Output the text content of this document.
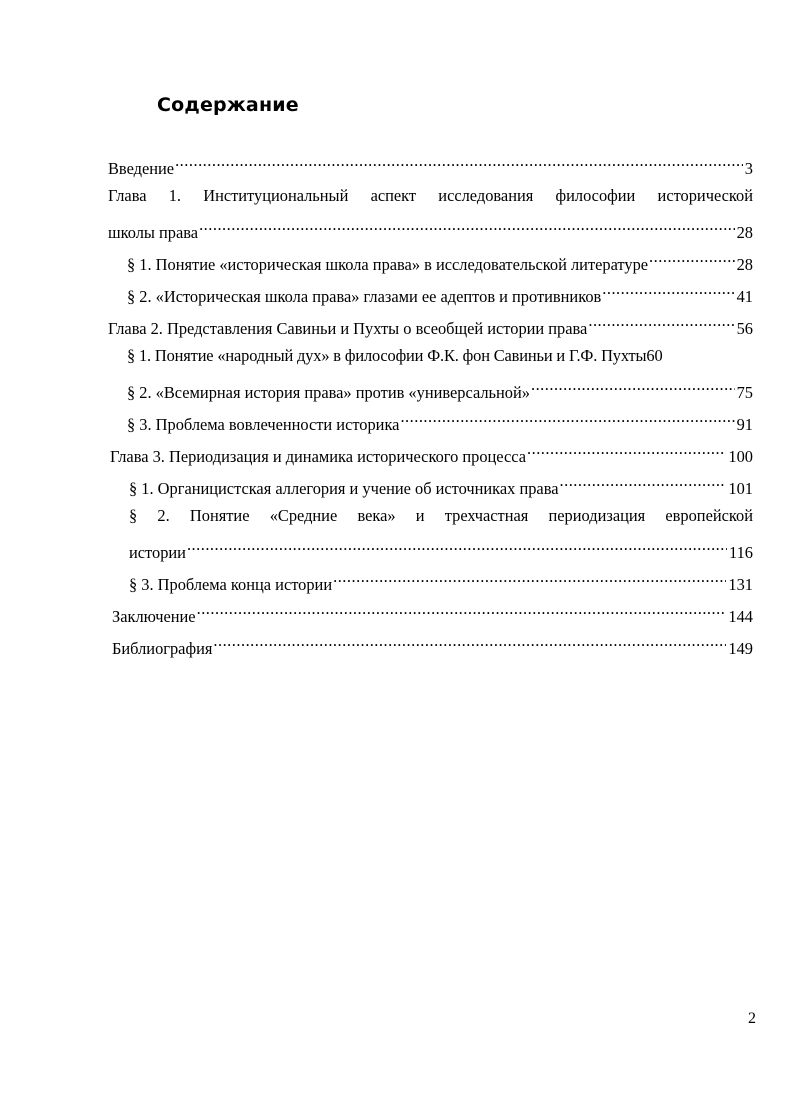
Содержание
Введение .....	3
Глава 1. Институциональный аспект исследования философии исторической
школы права .....	28
§ 1. Понятие «историческая школа права» в исследовательской литературе .....	28
§ 2. «Историческая школа права» глазами ее адептов и противников .....	41
Глава 2. Представления Савиньи и Пухты о всеобщей истории права .....	56
§ 1. Понятие «народный дух» в философии Ф.К. фон Савиньи и Г.Ф. Пухты 60
§ 2. «Всемирная история права» против «универсальной» .....	75
§ 3. Проблема вовлеченности историка .....	91
Глава 3. Периодизация и динамика исторического процесса .....	100
§ 1. Органицистская аллегория и учение об источниках права .....	101
§ 2. Понятие «Средние века» и трехчастная периодизация европейской
истории .....	116
§ 3. Проблема конца истории .....	131
Заключение .....	144
Библиография .....	149
2
